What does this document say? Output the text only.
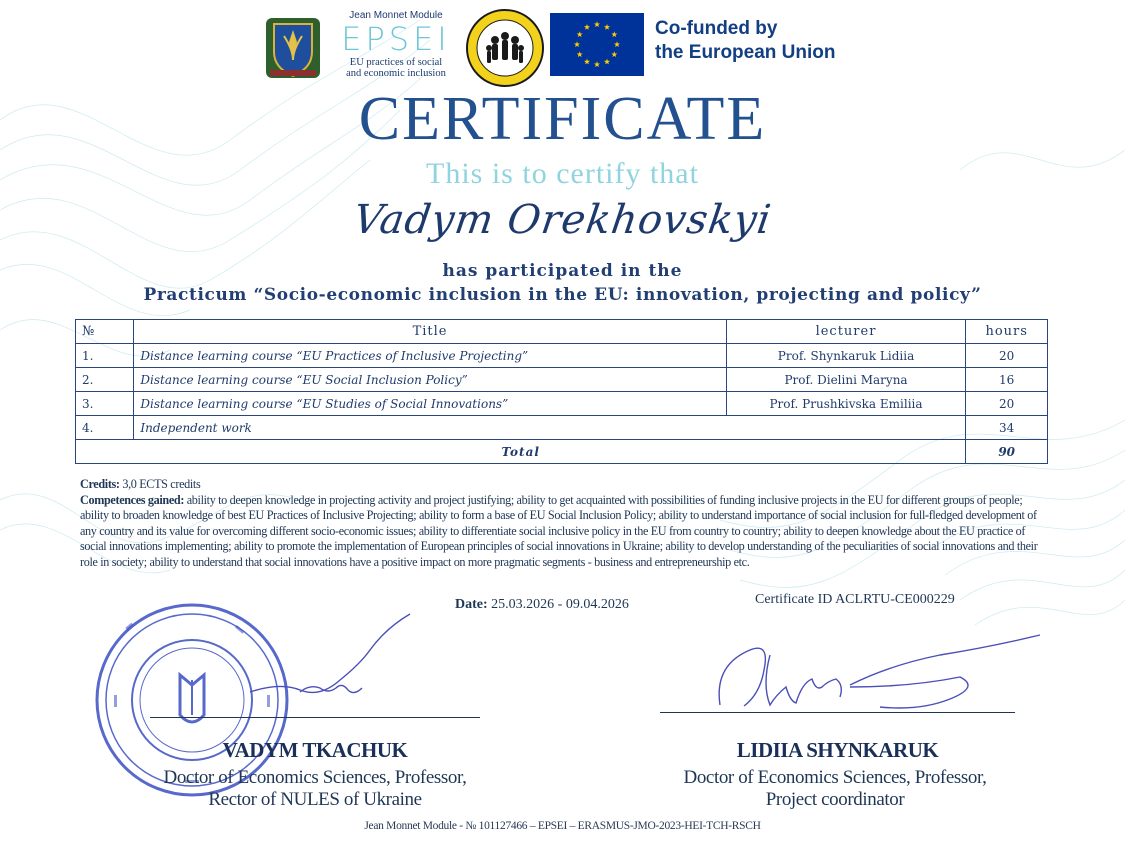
Jean Monnet Module
EPSEI
EU practices of social
and economic inclusion
Co-funded by
the European Union
CERTIFICATE
This is to certify that
Vadym Orekhovskyi
has participated in the
Practicum “Socio-economic inclusion in the EU: innovation, projecting and policy”
№	Title	lecturer	hours
1.	Distance learning course “EU Practices of Inclusive Projecting”	Prof. Shynkaruk Lidiia	20
2.	Distance learning course “EU Social Inclusion Policy”	Prof. Dielini Maryna	16
3.	Distance learning course “EU Studies of Social Innovations”	Prof. Prushkivska Emiliia	20
4.	Independent work		34
Total			90
Credits: 3,0 ECTS credits
Competences gained: ability to deepen knowledge in projecting activity and project justifying; ability to get acquainted with possibilities of funding inclusive projects in the EU for different groups of people; ability to broaden knowledge of best EU Practices of Inclusive Projecting; ability to form a base of EU Social Inclusion Policy; ability to understand importance of social inclusion for full-fledged development of any country and its value for overcoming different socio-economic issues; ability to differentiate social inclusive policy in the EU from country to country; ability to deepen knowledge about the EU practice of social innovations implementing; ability to promote the implementation of European principles of social innovations in Ukraine; ability to develop understanding of the peculiarities of social innovations and their role in society; ability to understand that social innovations have a positive impact on more pragmatic segments - business and entrepreneurship etc.
Date: 25.03.2026 - 09.04.2026	Certificate ID ACLRTU-CE000229
VADYM TKACHUK
Doctor of Economics Sciences, Professor,
Rector of NULES of Ukraine
LIDIIA SHYNKARUK
Doctor of Economics Sciences, Professor,
Project coordinator
Jean Monnet Module - № 101127466 – EPSEI – ERASMUS-JMO-2023-HEI-TCH-RSCH
